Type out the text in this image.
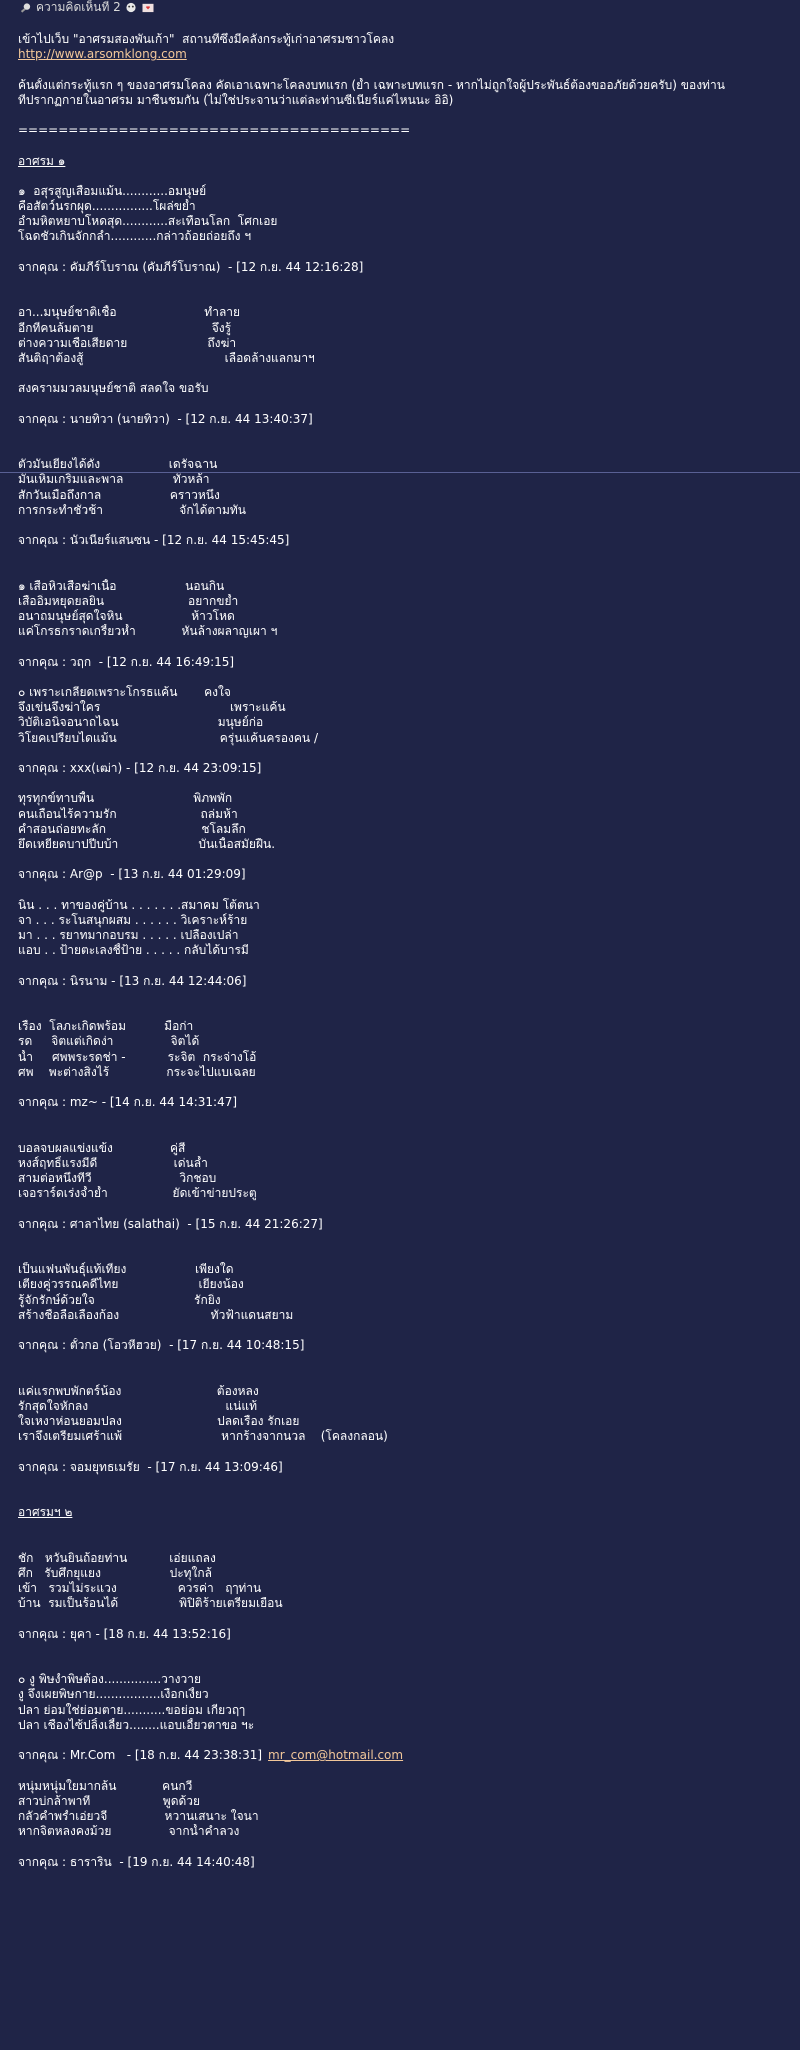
ความคิดเห็นที่ 2
เข้าไปเว็บ "อาศรมสองพันเก้า"  สถานที่ซึ่งมีคลังกระทู้เก่าอาศรมชาวโคลง
http://www.arsomklong.com
ค้นตั้งแต่กระทู้แรก ๆ ของอาศรมโคลง คัดเอาเฉพาะโคลงบทแรก (ย้ำ เฉพาะบทแรก - หากไม่ถูกใจผู้ประพันธ์ต้องขออภัยด้วยครับ) ของท่าน
ที่ปรากฏกายในอาศรม มาชื่นชมกัน (ไม่ใช่ประจานว่าแต่ละท่านซีเนียร์แค่ไหนนะ อิอิ)
=======================================
อาศรม ๑
๑  อสุรสูญเสื่อมแม้น............อมนุษย์
คือสัตว์นรกผุด................โผล่ขย้ำ
อำมหิตหยาบโหดสุด............สะเทือนโลก  โศกเอย
โฉดชั่วเกินจักกล่ำ............กล่าวถ้อยถ่อยถึง ฯ
จากคุณ : คัมภีร์โบราณ (คัมภีร์โบราณ)  - [12 ก.ย. 44 12:16:28]
อา...มนุษย์ชาติเชื้อ                       ทำลาย
อีกที่คนล้มตาย                               จึงรู้
ต่างความเชื่อเสียดาย                     ถึงฆ่า
สันติฤาต้องสู้                                     เลือดล้างแลกมาฯ
สงครามมวลมนุษย์ชาติ สลดใจ ขอรับ
จากคุณ : นายทิวา (นายทิวา)  - [12 ก.ย. 44 13:40:37]
ตัวมันเยี่ยงได้ดั่ง                  เดรัจฉาน
มันเหิมเกริมและพาล             ทั่วหล้า
สักวันเมื่อถึงกาล                  คราวหนึ่ง
การกระทำชั่วช้า                    จักได้ตามทัน
จากคุณ : นัวเนียร์แสนซน - [12 ก.ย. 44 15:45:45]
๑ เสือหิวเสือฆ่าเนื้อ                  นอนกิน
เสืออิ่มหยุดยลยิน                      อยากขย้ำ
อนาถมนุษย์สุดใจหิน                  ห้าวโหด
แค่โกรธกราดเกรี้ยวห้ำ            หั่นล้างผลาญเผา ฯ
จากคุณ : วฤก  - [12 ก.ย. 44 16:49:15]
๐ เพราะเกลียดเพราะโกรธแค้น       คงใจ
จึงเข่นจึงฆ่าใคร                                  เพราะแค้น
วิบัติเอนิ่จอนาถไฉน                          มนุษย์ก่อ
วิโยคเปรียบไดแม้น                           ครุ่นแค้นครองคน /
จากคุณ : xxx(เฒ่า) - [12 ก.ย. 44 23:09:15]
ทุรทุกข์ทาบพื้น                          พิภพพัก
คนเถื่อนไร้ความรัก                      ถล่มห้า
คำสอนถ่อยทะลัก                         ชโลมลึก
ยึดเหยียดบาปปีบบ้า                     บั่นเนื้อสมัยฝืน.
จากคุณ : Ar@p  - [13 ก.ย. 44 01:29:09]
นิน . . . ทาของคู่บ้าน . . . . . . .สมาคม โต้ตนา
จา . . . ระโนสนุกผสม . . . . . . วิเคราะห์ร้าย
มา . . . รยาทมากอบรม . . . . . เปลืองเปล่า
แอบ . . ป้ายตะเลงชี้ป้าย . . . . . กลับได้บารมี
จากคุณ : นิรนาม - [13 ก.ย. 44 12:44:06]
เรื่อง  โลภะเกิดพร้อม          มือก่า
รด     จิตแต่เกิดง่า               จิตได้
น้ำ     ศพพระรดช่า -           ระจิต  กระจ่างโอ้
ศพ    พะต่างสิ่งไร้               กระจะไปแบเฉลย
จากคุณ : mz~ - [14 ก.ย. 44 14:31:47]
บอลจบผลแข่งแข้ง               คู่สี
หงส์ฤทธิ์แรงมีดี                    เด่นล้ำ
สามต่อหนึ่งทีวี                       วิกชอบ
เจอราร์ดเร่งจ้ำย้ำ                 ยัดเข้าข่ายประตู
จากคุณ : ศาลาไทย (salathai)  - [15 ก.ย. 44 21:26:27]
เป็นแฟนพันธุ์แท้เที่ยง                  เพียงใด
เตียงคู่วรรณคดีไทย                     เยี่ยงน้อง
รู้จักรักษ์ด้วยใจ                          รักยิ่ง
สร้างชื่อลือเลื่องก้อง                        ทั่วฟ้าแดนสยาม
จากคุณ : ตั้วกอ (โอวหีฮวย)  - [17 ก.ย. 44 10:48:15]
แค่แรกพบพักตร์น้อง                         ต้องหลง
รักสุดใจหักลง                                    แน่แท้
ใจเหงาห่อนยอมปลง                         ปลดเรื่อง รักเอย
เราจึงเตรียมเศร้าแพ้                          หากร้างจากนวล    (โคลงกลอน)
จากคุณ : จอมยุทธเมรัย  - [17 ก.ย. 44 13:09:46]
อาศรมฯ ๒
ชัก   หวั่นยินถ้อยท่าน           เอ่ยแถลง
ศึก   รับศึกยุแยง                  ปะทุใกล้
เข้า   รวมไม่ระแวง                ควรค่า   ฤๅท่าน
บ้าน  รมเป็นร้อนได้                พิปิติร้ายเตรียมเยือน
จากคุณ : ยุคา - [18 ก.ย. 44 13:52:16]
๐ งู พิษงำพิษต้อง...............วางวาย
งู จึงเผยพิษกาย.................เงือกเงี้ยว
ปลา ย่อมใช่ย่อมตาย...........ขอย่อม เกี่ยวฤๅ
ปลา เชื่องไซ้ปลิ้งเลี้ยว........แอบเอี้ยวตาขอ ฯะ
จากคุณ : Mr.Com   - [18 ก.ย. 44 23:38:31] mr_com@hotmail.com
หนุ่มหนุ่มใยมากล้น            คนกวี
สาวบ่กล้าพาที                   พูดด้วย
กลัวคำพร่ำเอ่ยวจี               หวานเสนาะ ใจนา
หากจิตหลงคงม้วย               จากน้ำคำลวง
จากคุณ : ธาราริน  - [19 ก.ย. 44 14:40:48]
